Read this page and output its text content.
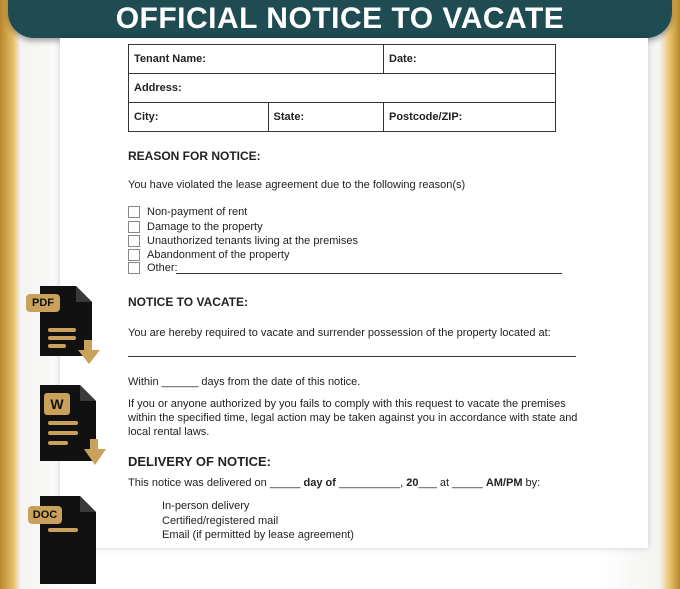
OFFICIAL NOTICE TO VACATE
Tenant Name:		Date:
Address:		
City:	State:	Postcode/ZIP:
REASON FOR NOTICE:
You have violated the lease agreement due to the following reason(s)
Non-payment of rent
Damage to the property
Unauthorized tenants living at the premises
Abandonment of the property
Other:
NOTICE TO VACATE:
You are hereby required to vacate and surrender possession of the property located at:
Within ______ days from the date of this notice.
If you or anyone authorized by you fails to comply with this request to vacate the premises
within the specified time, legal action may be taken against you in accordance with state and
local rental laws.
DELIVERY OF NOTICE:
This notice was delivered on _____ day of __________, 20___ at _____ AM/PM by:
In-person delivery
Certified/registered mail
Email (if permitted by lease agreement)
PDF
W
DOC
